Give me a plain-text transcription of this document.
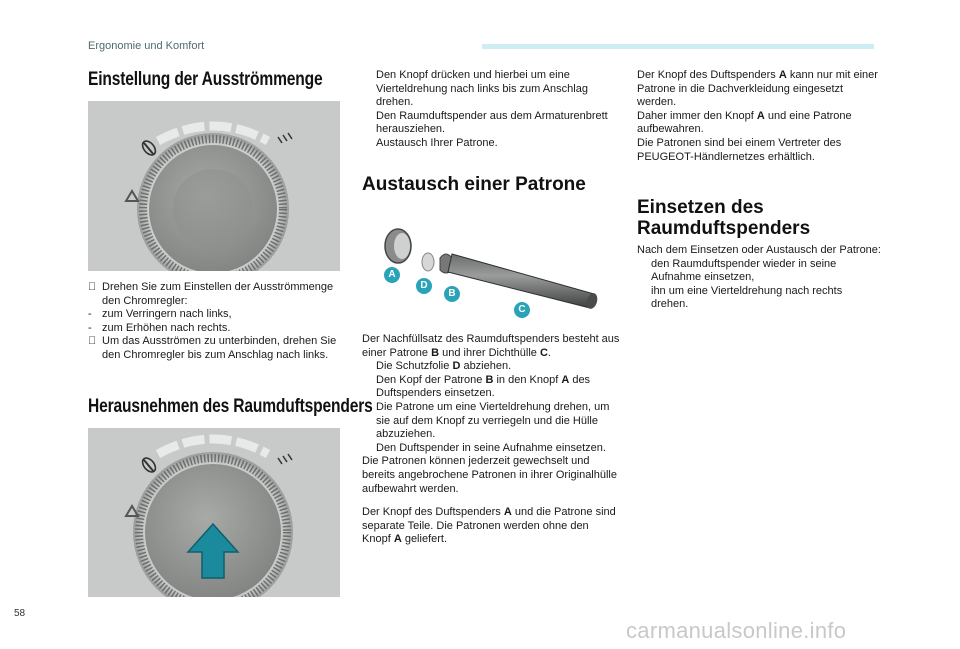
Ergonomie und Komfort
Einstellung der Ausströmmenge

Drehen Sie zum Einstellen der Ausströmmenge den Chromregler:

- zum Verringern nach links,

- zum Erhöhen nach rechts.

Um das Ausströmen zu unterbinden, drehen Sie den Chromregler bis zum Anschlag nach links.

Herausnehmen des Raumduftspenders

Den Knopf drücken und hierbei um eine Vierteldrehung nach links bis zum Anschlag drehen.

Den Raumduftspender aus dem Armaturenbrett herausziehen.

Austausch Ihrer Patrone.

Austausch einer Patrone
A
D
B
C

Der Nachfüllsatz des Raumduftspenders besteht aus einer Patrone B und ihrer Dichthülle C.

Die Schutzfolie D abziehen.

Den Kopf der Patrone B in den Knopf A des Duftspenders einsetzen.

Die Patrone um eine Vierteldrehung drehen, um sie auf dem Knopf zu verriegeln und die Hülle abzuziehen.

Den Duftspender in seine Aufnahme einsetzen.

Die Patronen können jederzeit gewechselt und bereits angebrochene Patronen in ihrer Originalhülle aufbewahrt werden.

Der Knopf des Duftspenders A und die Patrone sind separate Teile. Die Patronen werden ohne den Knopf A geliefert.

Der Knopf des Duftspenders A kann nur mit einer Patrone in die Dachverkleidung eingesetzt werden.

Daher immer den Knopf A und eine Patrone aufbewahren.

Die Patronen sind bei einem Vertreter des PEUGEOT-Händlernetzes erhältlich.

Einsetzen des Raumduftspenders

Nach dem Einsetzen oder Austausch der Patrone:

den Raumduftspender wieder in seine Aufnahme einsetzen,

ihn um eine Vierteldrehung nach rechts drehen.

58
carmanualsonline.info
